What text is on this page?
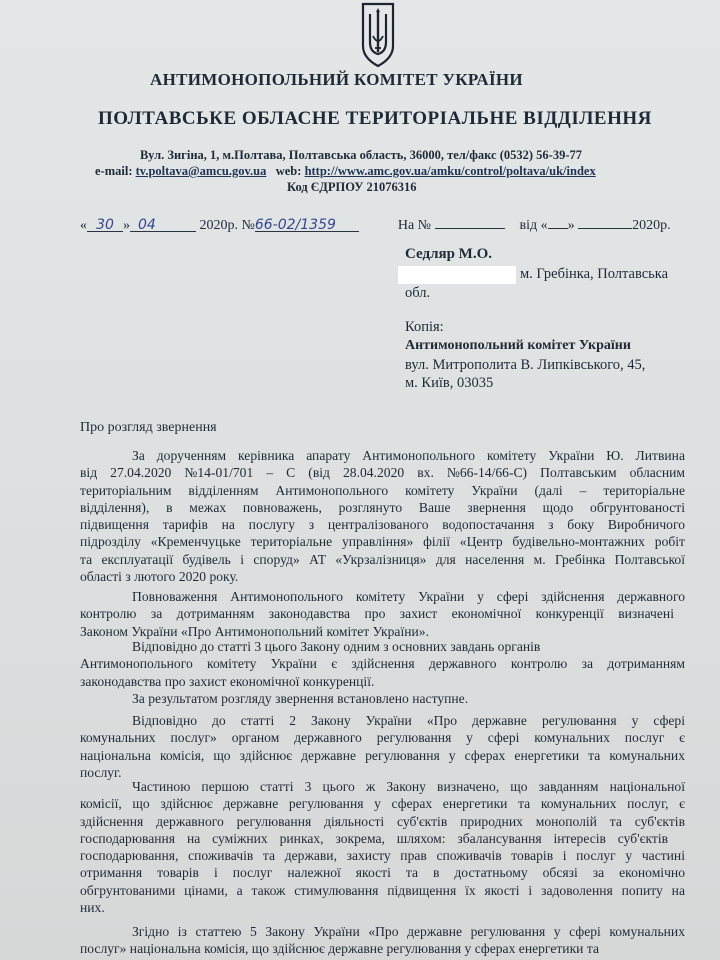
АНТИМОНОПОЛЬНИЙ КОМІТЕТ УКРАЇНИ
ПОЛТАВСЬКЕ ОБЛАСНЕ ТЕРИТОРІАЛЬНЕ ВІДДІЛЕННЯ
Вул. Зигіна, 1, м.Полтава, Полтавська область, 36000, тел/факс (0532) 56-39-77
e-mail: tv.poltava@amcu.gov.ua web: http://www.amc.gov.ua/amku/control/poltava/uk/index
Код ЄДРПОУ 21076316
« 30 » 04	2020р. №66-02/1359	На №	від « »	2020р.
Седляр М.О.
м. Гребінка, Полтавська
обл.
Копія:
Антимонопольний комітет України
вул. Митрополита В. Липківського, 45,
м. Київ, 03035
Про розгляд звернення
За дорученням керівника апарату Антимонопольного комітету України Ю. Литвина
від 27.04.2020 №14-01/701 – С (від 28.04.2020 вх. №66-14/66-С) Полтавським обласним
територіальним відділенням Антимонопольного комітету України (далі – територіальне
відділення), в межах повноважень, розглянуто Ваше звернення щодо обгрунтованості
підвищення тарифів на послугу з централізованого водопостачання з боку Виробничого
підрозділу «Кременчуцьке територіальне управління» філії «Центр будівельно-монтажних робіт
та експлуатації будівель і споруд» АТ «Укрзалізниця» для населення м. Гребінка Полтавської
області з лютого 2020 року.
Повноваження Антимонопольного комітету України у сфері здійснення державного
контролю за дотриманням законодавства про захист економічної конкуренції визначені
Законом України «Про Антимонопольний комітет України».
Відповідно до статті 3 цього Закону одним з основних завдань органів
Антимонопольного комітету України є здійснення державного контролю за дотриманням
законодавства про захист економічної конкуренції.
За результатом розгляду звернення встановлено наступне.
Відповідно до статті 2 Закону України «Про державне регулювання у сфері
комунальних послуг» органом державного регулювання у сфері комунальних послуг є
національна комісія, що здійснює державне регулювання у сферах енергетики та комунальних
послуг.
Частиною першою статті 3 цього ж Закону визначено, що завданням національної
комісії, що здійснює державне регулювання у сферах енергетики та комунальних послуг, є
здійснення державного регулювання діяльності суб'єктів природних монополій та суб'єктів
господарювання на суміжних ринках, зокрема, шляхом: збалансування інтересів суб'єктів
господарювання, споживачів та держави, захисту прав споживачів товарів і послуг у частині
отримання товарів і послуг належної якості та в достатньому обсязі за економічно
обгрунтованими цінами, а також стимулювання підвищення їх якості і задоволення попиту на
них.
Згідно із статтею 5 Закону України «Про державне регулювання у сфері комунальних
послуг» національна комісія, що здійснює державне регулювання у сферах енергетики та
